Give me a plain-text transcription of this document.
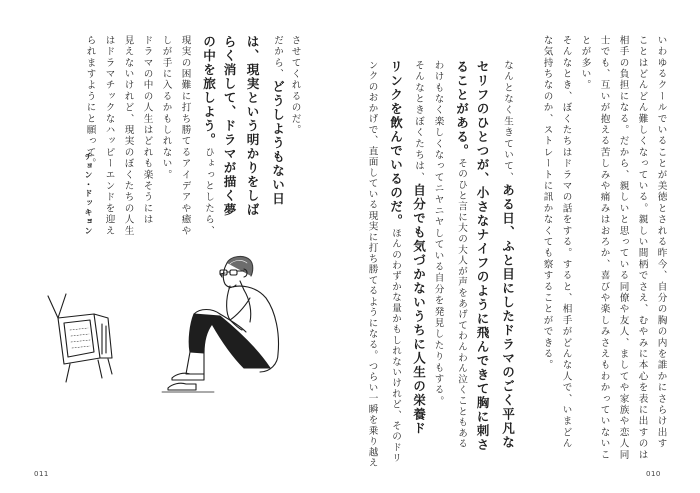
いわゆるクールでいることが美徳とされる昨今、自分の胸の内を誰かにさらけ出す
ことはどんどん難しくなっている。親しい間柄でさえ、むやみに本心を表に出すのは
相手の負担になる。だから、親しいと思っている同僚や友人、ましてや家族や恋人同
士でも、互いが抱える苦しみや痛みはおろか、喜びや楽しみさえもわかっていないこ
とが多い。
そんなとき、ぼくたちはドラマの話をする。すると、相手がどんな人で、いまどん
な気持ちなのか、ストレートに訊かなくても察することができる。
なんとなく生きていて、ある日、ふと目にしたドラマのごく平凡な
セリフのひとつが、小さなナイフのように飛んできて胸に刺さ
ることがある。そのひと言に大の大人が声をあげてわんわん泣くこともある
わけもなく楽しくなってニヤニヤしている自分を発見したりもする。
そんなときぼくたちは、自分でも気づかないうちに人生の栄養ド
リンクを飲んでいるのだ。ほんのわずかな量かもしれないけれど、そのドリ
ンクのおかげで、直面している現実に打ち勝てるようになる。つらい一瞬を乗り越え
010
させてくれるのだ。
だから、どうしようもない日
は、現実という明かりをしば
らく消して、ドラマが描く夢
の中を旅しよう。ひょっとしたら、
現実の困難に打ち勝てるアイデアや癒や
しが手に入るかもしれない。
ドラマの中の人生はどれも楽そうには
見えないけれど、現実のぼくたちの人生
はドラマチックなハッピーエンドを迎え
られますようにと願って。
チョン・ドッキョン
011
